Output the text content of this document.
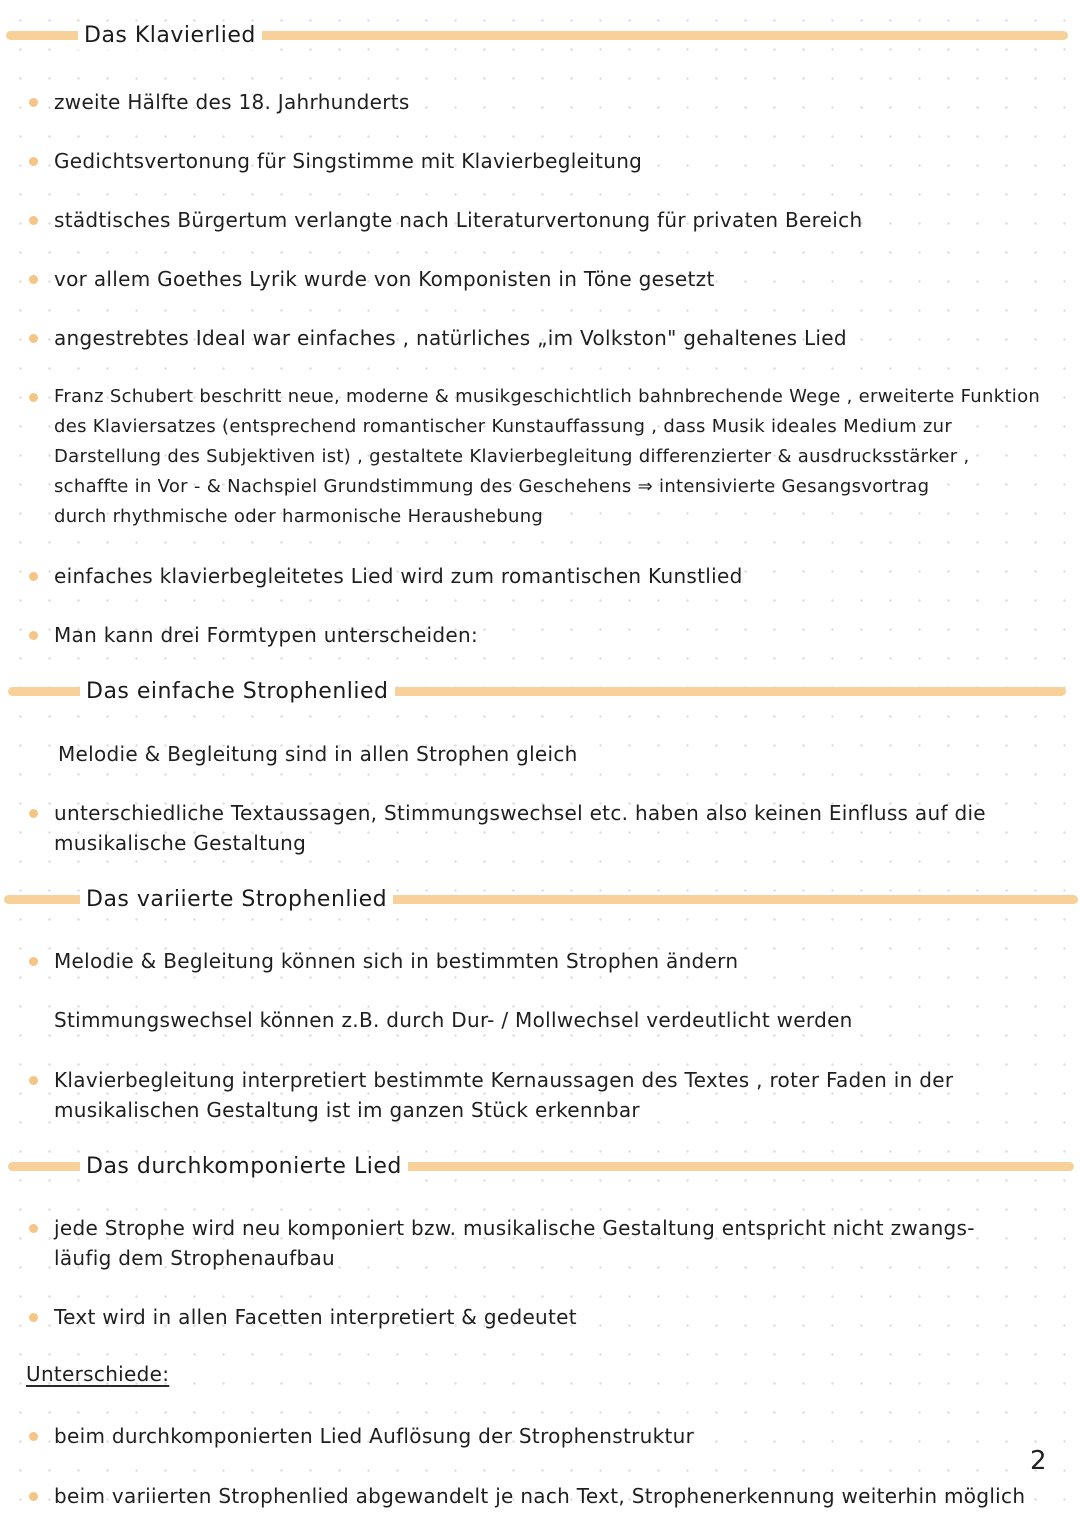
Das Klavierlied
zweite Hälfte des 18. Jahrhunderts
Gedichtsvertonung für Singstimme mit Klavierbegleitung
städtisches Bürgertum verlangte nach Literaturvertonung für privaten Bereich
vor allem Goethes Lyrik wurde von Komponisten in Töne gesetzt
angestrebtes Ideal war einfaches , natürliches „im Volkston" gehaltenes Lied
Franz Schubert beschritt neue, moderne & musikgeschichtlich bahnbrechende Wege , erweiterte Funktion
des Klaviersatzes (entsprechend romantischer Kunstauffassung , dass Musik ideales Medium zur
Darstellung des Subjektiven ist) , gestaltete Klavierbegleitung differenzierter & ausdrucksstärker ,
schaffte in Vor - & Nachspiel Grundstimmung des Geschehens ⇒ intensivierte Gesangsvortrag
durch rhythmische oder harmonische Heraushebung
einfaches klavierbegleitetes Lied wird zum romantischen Kunstlied
Man kann drei Formtypen unterscheiden:
Das einfache Strophenlied
Melodie & Begleitung sind in allen Strophen gleich
unterschiedliche Textaussagen, Stimmungswechsel etc. haben also keinen Einfluss auf die
musikalische Gestaltung
Das variierte Strophenlied
Melodie & Begleitung können sich in bestimmten Strophen ändern
Stimmungswechsel können z.B. durch Dur- / Mollwechsel verdeutlicht werden
Klavierbegleitung interpretiert bestimmte Kernaussagen des Textes , roter Faden in der
musikalischen Gestaltung ist im ganzen Stück erkennbar
Das durchkomponierte Lied
jede Strophe wird neu komponiert bzw. musikalische Gestaltung entspricht nicht zwangs-
läufig dem Strophenaufbau
Text wird in allen Facetten interpretiert & gedeutet
Unterschiede:
beim durchkomponierten Lied Auflösung der Strophenstruktur
beim variierten Strophenlied abgewandelt je nach Text, Strophenerkennung weiterhin möglich
2
